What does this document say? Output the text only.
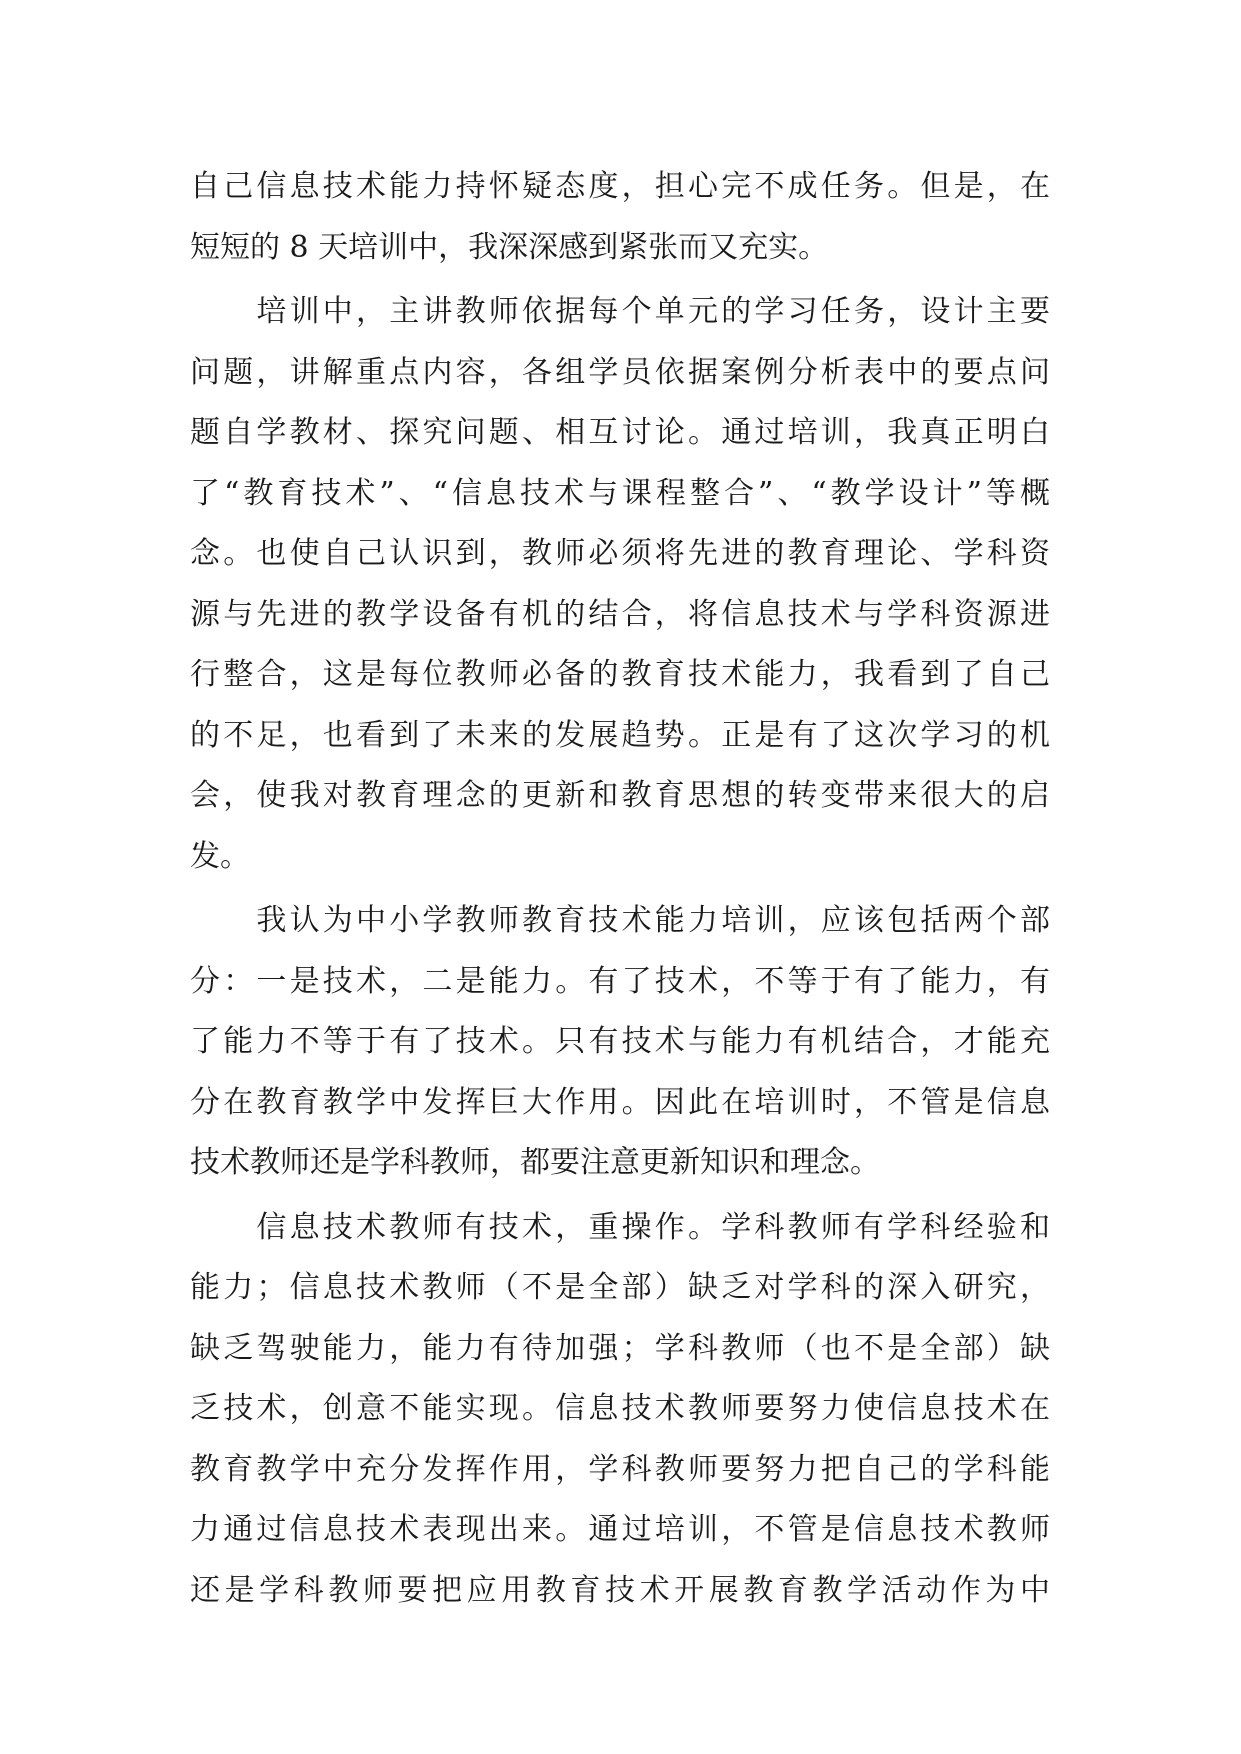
自己信息技术能力持怀疑态度，担心完不成任务。但是，在
短短的 8 天培训中，我深深感到紧张而又充实。
　　培训中，主讲教师依据每个单元的学习任务，设计主要
问题，讲解重点内容，各组学员依据案例分析表中的要点问
题自学教材、探究问题、相互讨论。通过培训，我真正明白
了“教育技术”、“信息技术与课程整合”、“教学设计”等概
念。也使自己认识到，教师必须将先进的教育理论、学科资
源与先进的教学设备有机的结合，将信息技术与学科资源进
行整合，这是每位教师必备的教育技术能力，我看到了自己
的不足，也看到了未来的发展趋势。正是有了这次学习的机
会，使我对教育理念的更新和教育思想的转变带来很大的启
发。
　　我认为中小学教师教育技术能力培训，应该包括两个部
分：一是技术，二是能力。有了技术，不等于有了能力，有
了能力不等于有了技术。只有技术与能力有机结合，才能充
分在教育教学中发挥巨大作用。因此在培训时，不管是信息
技术教师还是学科教师，都要注意更新知识和理念。
　　信息技术教师有技术，重操作。学科教师有学科经验和
能力；信息技术教师（不是全部）缺乏对学科的深入研究，
缺乏驾驶能力，能力有待加强；学科教师（也不是全部）缺
乏技术，创意不能实现。信息技术教师要努力使信息技术在
教育教学中充分发挥作用，学科教师要努力把自己的学科能
力通过信息技术表现出来。通过培训，不管是信息技术教师
还是学科教师要把应用教育技术开展教育教学活动作为中
